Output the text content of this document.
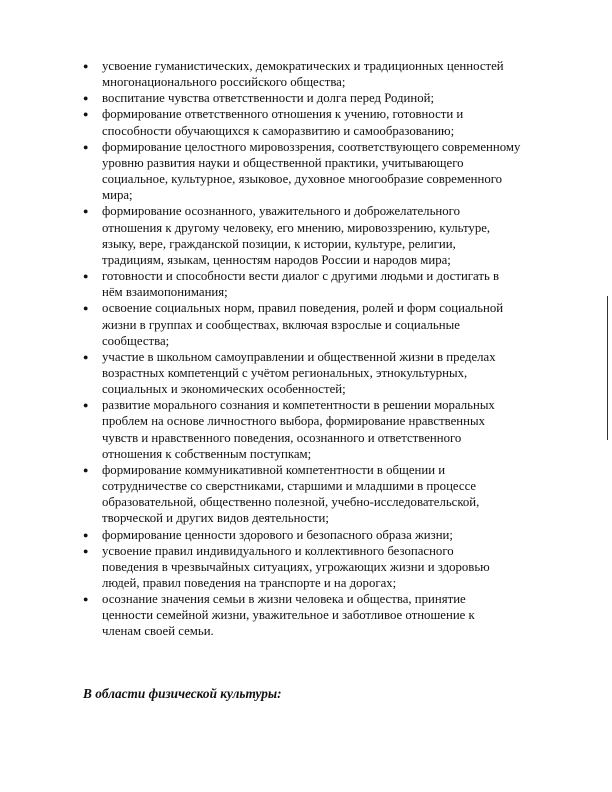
● усвоение гуманистических, демократических и традиционных ценностей
многонационального российского общества;
● воспитание чувства ответственности и долга перед Родиной;
● формирование ответственного отношения к учению, готовности и
способности обучающихся к саморазвитию и самообразованию;
● формирование целостного мировоззрения, соответствующего современному
уровню развития науки и общественной практики, учитывающего
социальное, культурное, языковое, духовное многообразие современного
мира;
● формирование осознанного, уважительного и доброжелательного
отношения к другому человеку, его мнению, мировоззрению, культуре,
языку, вере, гражданской позиции, к истории, культуре, религии,
традициям, языкам, ценностям народов России и народов мира;
● готовности и способности вести диалог с другими людьми и достигать в
нём взаимопонимания;
● освоение социальных норм, правил поведения, ролей и форм социальной
жизни в группах и сообществах, включая взрослые и социальные
сообщества;
● участие в школьном самоуправлении и общественной жизни в пределах
возрастных компетенций с учётом региональных, этнокультурных,
социальных и экономических особенностей;
● развитие морального сознания и компетентности в решении моральных
проблем на основе личностного выбора, формирование нравственных
чувств и нравственного поведения, осознанного и ответственного
отношения к собственным поступкам;
● формирование коммуникативной компетентности в общении и
сотрудничестве со сверстниками, старшими и младшими в процессе
образовательной, общественно полезной, учебно-исследовательской,
творческой и других видов деятельности;
● формирование ценности здорового и безопасного образа жизни;
● усвоение правил индивидуального и коллективного безопасного
поведения в чрезвычайных ситуациях, угрожающих жизни и здоровью
людей, правил поведения на транспорте и на дорогах;
● осознание значения семьи в жизни человека и общества, принятие
ценности семейной жизни, уважительное и заботливое отношение к
членам своей семьи.
В области физической культуры:
